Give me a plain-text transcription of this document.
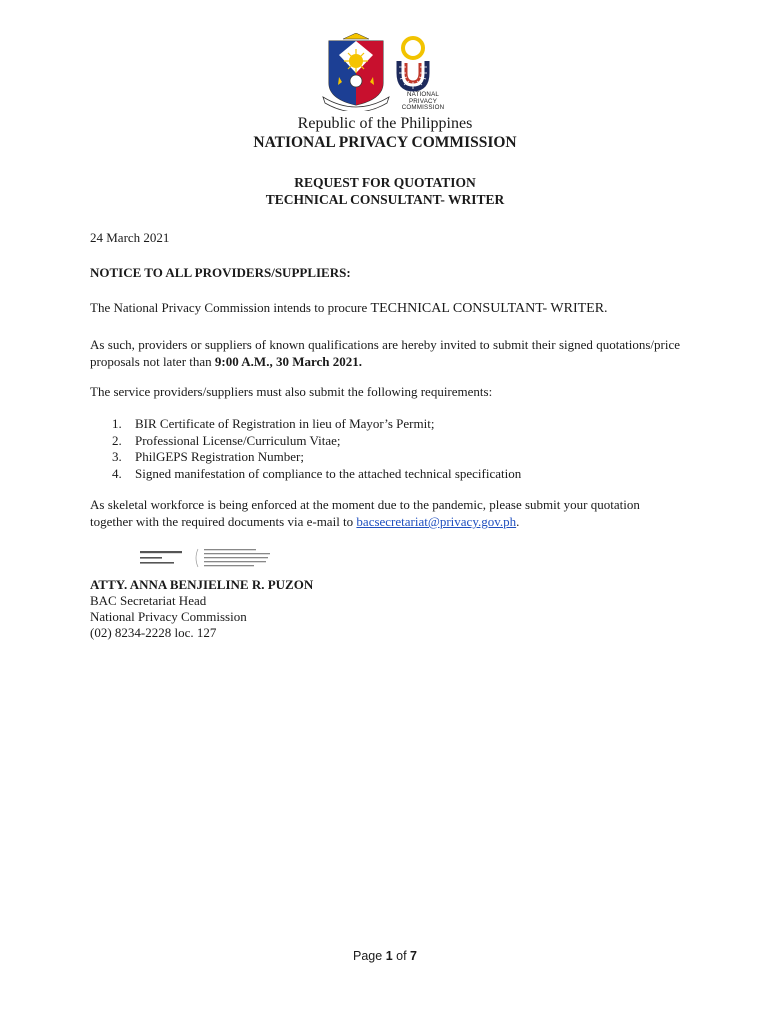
NATIONAL
PRIVACY
COMMISSION
Republic of the Philippines
NATIONAL PRIVACY COMMISSION
REQUEST FOR QUOTATION
TECHNICAL CONSULTANT- WRITER
24 March 2021
NOTICE TO ALL PROVIDERS/SUPPLIERS:
The National Privacy Commission intends to procure TECHNICAL CONSULTANT- WRITER.
As such, providers or suppliers of known qualifications are hereby invited to submit their signed quotations/price proposals not later than 9:00 A.M., 30 March 2021.
The service providers/suppliers must also submit the following requirements:
1. BIR Certificate of Registration in lieu of Mayor’s Permit;
2. Professional License/Curriculum Vitae;
3. PhilGEPS Registration Number;
4. Signed manifestation of compliance to the attached technical specification
As skeletal workforce is being enforced at the moment due to the pandemic, please submit your quotation together with the required documents via e-mail to bacsecretariat@privacy.gov.ph.
ATTY. ANNA BENJIELINE R. PUZON
BAC Secretariat Head
National Privacy Commission
(02) 8234-2228 loc. 127
Page 1 of 7
